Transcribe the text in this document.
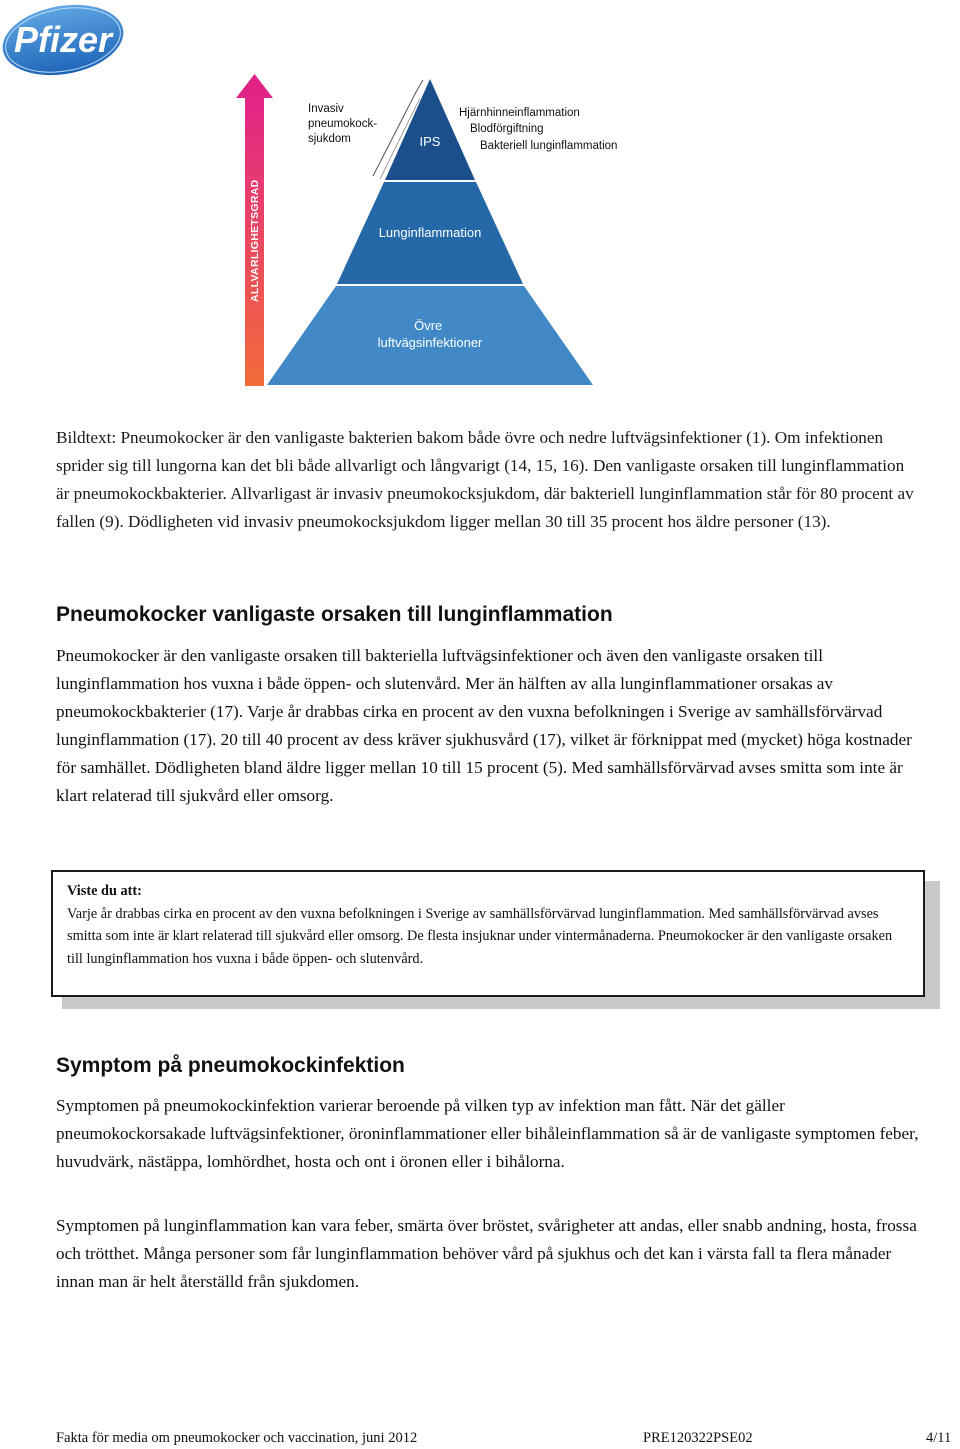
Pfizer
ALLVARLIGHETSGRAD
Invasiv pneumokock- sjukdom	IPS
Hjärnhinneinflammation Blodförgiftning Bakteriell lunginflammation
Lunginflammation
Övre luftvägsinfektioner
Bildtext: Pneumokocker är den vanligaste bakterien bakom både övre och nedre luftvägsinfektioner (1). Om infektionen sprider sig till lungorna kan det bli både allvarligt och långvarigt (14, 15, 16). Den vanligaste orsaken till lunginflammation är pneumokockbakterier. Allvarligast är invasiv pneumokocksjukdom, där bakteriell lunginflammation står för 80 procent av fallen (9). Dödligheten vid invasiv pneumokocksjukdom ligger mellan 30 till 35 procent hos äldre personer (13).
Pneumokocker vanligaste orsaken till lunginflammation

Pneumokocker är den vanligaste orsaken till bakteriella luftvägsinfektioner och även den vanligaste orsaken till lunginflammation hos vuxna i både öppen- och slutenvård. Mer än hälften av alla lunginflammationer orsakas av pneumokockbakterier (17). Varje år drabbas cirka en procent av den vuxna befolkningen i Sverige av samhällsförvärvad lunginflammation (17). 20 till 40 procent av dess kräver sjukhusvård (17), vilket är förknippat med (mycket) höga kostnader för samhället. Dödligheten bland äldre ligger mellan 10 till 15 procent (5). Med samhällsförvärvad avses smitta som inte är klart relaterad till sjukvård eller omsorg.

Viste du att:
Varje år drabbas cirka en procent av den vuxna befolkningen i Sverige av samhällsförvärvad lunginflammation. Med samhällsförvärvad avses smitta som inte är klart relaterad till sjukvård eller omsorg. De flesta insjuknar under vintermånaderna. Pneumokocker är den vanligaste orsaken till lunginflammation hos vuxna i både öppen- och slutenvård.
Symptom på pneumokockinfektion

Symptomen på pneumokockinfektion varierar beroende på vilken typ av infektion man fått. När det gäller pneumokockorsakade luftvägsinfektioner, öroninflammationer eller bihåleinflammation så är de vanligaste symptomen feber, huvudvärk, nästäppa, lomhördhet, hosta och ont i öronen eller i bihålorna.

Symptomen på lunginflammation kan vara feber, smärta över bröstet, svårigheter att andas, eller snabb andning, hosta, frossa och trötthet. Många personer som får lunginflammation behöver vård på sjukhus och det kan i värsta fall ta flera månader innan man är helt återställd från sjukdomen.

Fakta för media om pneumokocker och vaccination, juni 2012	PRE120322PSE02	4/11
